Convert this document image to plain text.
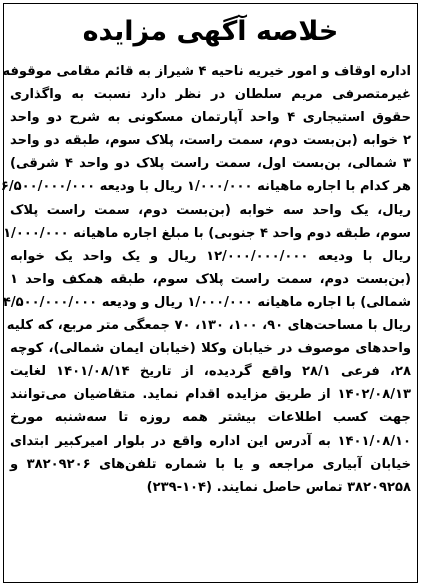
خلاصه آگهی مزایده
اداره اوقاف و امور خیریه ناحیه ۴ شیراز به قائم مقامی موقوفه
غیرمتصرفی مریم سلطان در نظر دارد نسبت به واگذاری
حقوق استیجاری ۴ واحد آپارتمان مسکونی به شرح دو واحد
۲ خوابه (بن‌بست دوم، سمت راست، پلاک سوم، طبقه دو واحد
۳ شمالی، بن‌بست اول، سمت راست پلاک دو واحد ۴ شرقی)
هر کدام با اجاره ماهیانه ۱/۰۰۰/۰۰۰ ریال با ودیعه ۶/۵۰۰/۰۰۰/۰۰۰
ریال، یک واحد سه خوابه (بن‌بست دوم، سمت راست پلاک
سوم، طبقه دوم واحد ۴ جنوبی) با مبلغ اجاره ماهیانه ۱/۰۰۰/۰۰۰
ریال با ودیعه ۱۲/۰۰۰/۰۰۰/۰۰۰ ریال و یک واحد یک خوابه
(بن‌بست دوم، سمت راست پلاک سوم، طبقه همکف واحد ۱
شمالی) با اجاره ماهیانه ۱/۰۰۰/۰۰۰ ریال و ودیعه ۴/۵۰۰/۰۰۰/۰۰۰
ریال با مساحت‌های ۹۰، ۱۰۰، ۱۳۰، ۷۰ جمعگی متر مربع، که کلیه
واحدهای موصوف در خیابان وکلا (خیابان ایمان شمالی)، کوچه
۲۸، فرعی ۲۸/۱ واقع گردیده، از تاریخ ۱۴۰۱/۰۸/۱۴ لغایت
۱۴۰۲/۰۸/۱۳ از طریق مزایده اقدام نماید. متقاضیان می‌توانند
جهت کسب اطلاعات بیشتر همه روزه تا سه‌شنبه مورخ
۱۴۰۱/۰۸/۱۰ به آدرس این اداره واقع در بلوار امیرکبیر ابتدای
خیابان آبیاری مراجعه و یا با شماره تلفن‌های ۳۸۲۰۹۲۰۶ و
۳۸۲۰۹۲۵۸ تماس حاصل نمایند. (۱۰۴-۲۳۹)
